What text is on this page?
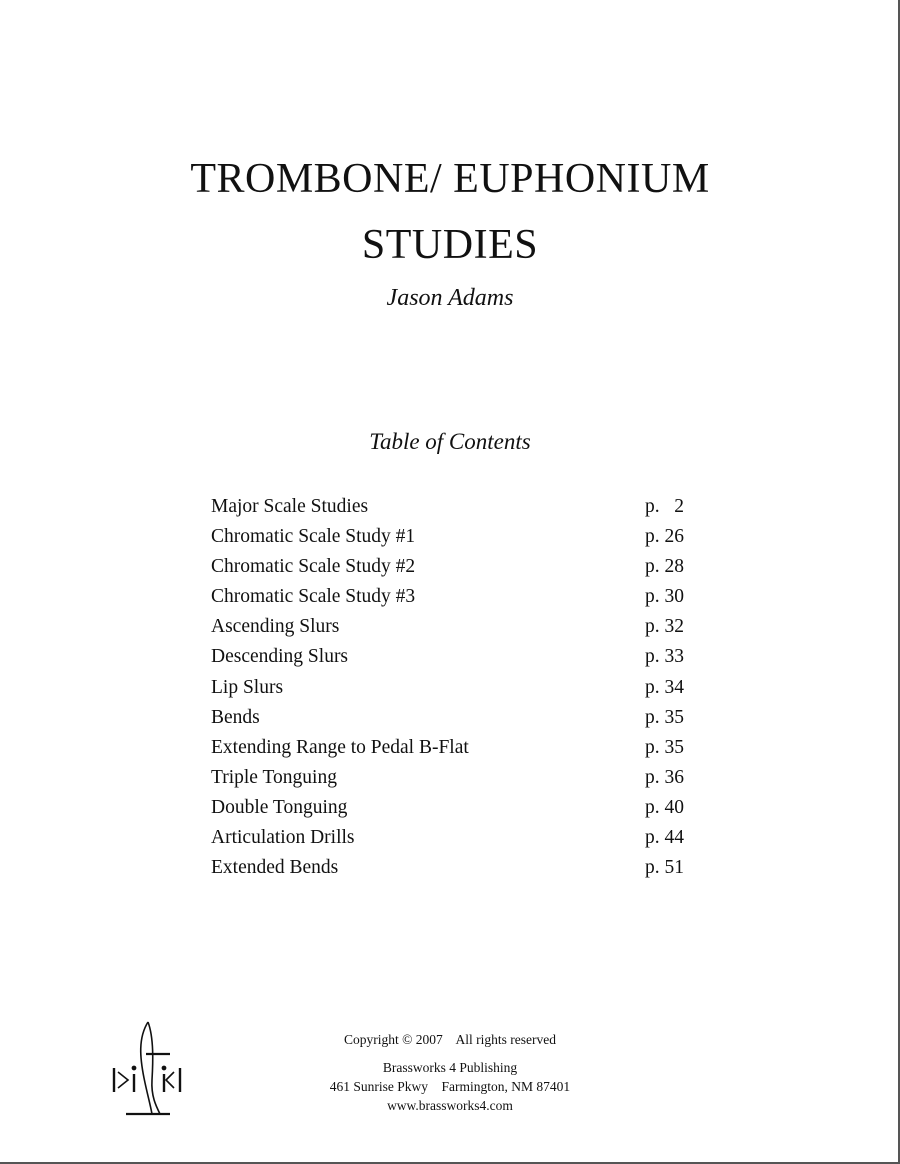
TROMBONE/ EUPHONIUM
STUDIES
Jason Adams
Table of Contents
Major Scale Studies	p.   2
Chromatic Scale Study #1	p. 26
Chromatic Scale Study #2	p. 28
Chromatic Scale Study #3	p. 30
Ascending Slurs	p. 32
Descending Slurs	p. 33
Lip Slurs	p. 34
Bends	p. 35
Extending Range to Pedal B-Flat	p. 35
Triple Tonguing	p. 36
Double Tonguing	p. 40
Articulation Drills	p. 44
Extended Bends	p. 51
Copyright © 2007    All rights reserved
Brassworks 4 Publishing
461 Sunrise Pkwy    Farmington, NM 87401
www.brassworks4.com
